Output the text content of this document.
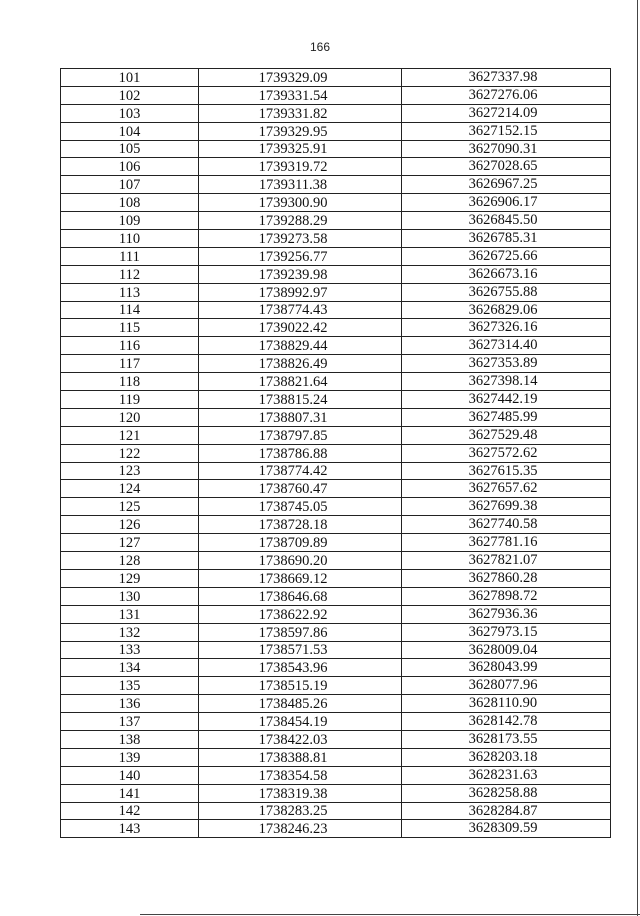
166
101	1739329.09	3627337.98
102	1739331.54	3627276.06
103	1739331.82	3627214.09
104	1739329.95	3627152.15
105	1739325.91	3627090.31
106	1739319.72	3627028.65
107	1739311.38	3626967.25
108	1739300.90	3626906.17
109	1739288.29	3626845.50
110	1739273.58	3626785.31
111	1739256.77	3626725.66
112	1739239.98	3626673.16
113	1738992.97	3626755.88
114	1738774.43	3626829.06
115	1739022.42	3627326.16
116	1738829.44	3627314.40
117	1738826.49	3627353.89
118	1738821.64	3627398.14
119	1738815.24	3627442.19
120	1738807.31	3627485.99
121	1738797.85	3627529.48
122	1738786.88	3627572.62
123	1738774.42	3627615.35
124	1738760.47	3627657.62
125	1738745.05	3627699.38
126	1738728.18	3627740.58
127	1738709.89	3627781.16
128	1738690.20	3627821.07
129	1738669.12	3627860.28
130	1738646.68	3627898.72
131	1738622.92	3627936.36
132	1738597.86	3627973.15
133	1738571.53	3628009.04
134	1738543.96	3628043.99
135	1738515.19	3628077.96
136	1738485.26	3628110.90
137	1738454.19	3628142.78
138	1738422.03	3628173.55
139	1738388.81	3628203.18
140	1738354.58	3628231.63
141	1738319.38	3628258.88
142	1738283.25	3628284.87
143	1738246.23	3628309.59
